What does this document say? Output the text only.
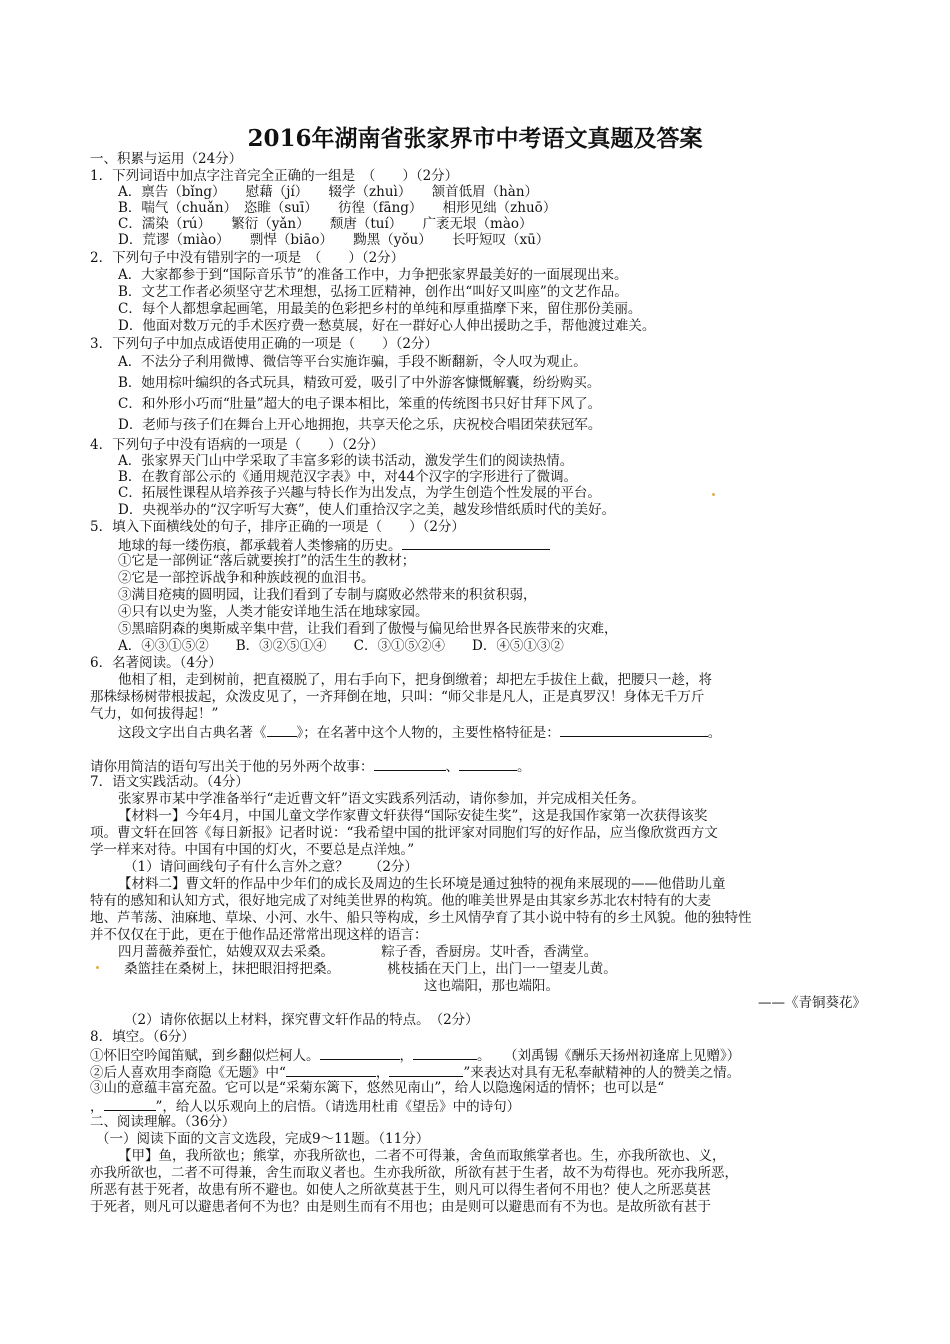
2016年湖南省张家界市中考语文真题及答案
一、积累与运用（24分）
1．下列词语中加点字注音完全正确的一组是　（　　）（2分）
A．禀告（bǐng）　　慰藉（jí）　　辍学（zhuì）　　颔首低眉（hàn）
B．喘气（chuǎn）　恣睢（suī）　　彷徨（fāng）　　相形见绌（zhuō）
C．濡染（rú）　　繁衍（yǎn）　　颓唐（tuí）　　广袤无垠（mào）
D．荒谬（miào）　　剽悍（biāo）　　黝黑（yǒu）　　长吁短叹（xū）
2．下列句子中没有错别字的一项是　（　　）（2分）
A．大家都参于到“国际音乐节”的准备工作中，力争把张家界最美好的一面展现出来。
B．文艺工作者必须坚守艺术理想，弘扬工匠精神，创作出“叫好又叫座”的文艺作品。
C．每个人都想拿起画笔，用最美的色彩把乡村的单纯和厚重描摩下来，留住那份美丽。
D．他面对数万元的手术医疗费一愁莫展，好在一群好心人伸出援助之手，帮他渡过难关。
3．下列句子中加点成语使用正确的一项是（　　）（2分）
A．不法分子利用微博、微信等平台实施诈骗，手段不断翻新，令人叹为观止。
B．她用棕叶编织的各式玩具，精致可爱，吸引了中外游客慷慨解囊，纷纷购买。
C．和外形小巧而“肚量”超大的电子课本相比，笨重的传统图书只好甘拜下风了。
D．老师与孩子们在舞台上开心地拥抱，共享天伦之乐，庆祝校合唱团荣获冠军。
4．下列句子中没有语病的一项是（　　）（2分）
A．张家界天门山中学采取了丰富多彩的读书活动，激发学生们的阅读热情。
B．在教育部公示的《通用规范汉字表》中，对44个汉字的字形进行了微调。
C．拓展性课程从培养孩子兴趣与特长作为出发点，为学生创造个性发展的平台。
D．央视举办的“汉字听写大赛”，使人们重拾汉字之美，越发珍惜纸质时代的美好。
5．填入下面横线处的句子，排序正确的一项是（　　）（2分）
地球的每一缕伤痕，都承载着人类惨痛的历史。
①它是一部例证“落后就要挨打”的活生生的教材；
②它是一部控诉战争和种族歧视的血泪书。
③满目疮痍的圆明园，让我们看到了专制与腐败必然带来的积贫积弱，
④只有以史为鉴，人类才能安详地生活在地球家园。
⑤黑暗阴森的奥斯威辛集中营，让我们看到了傲慢与偏见给世界各民族带来的灾难，
A．④③①⑤②　　B．③②⑤①④　　C．③①⑤②④　　D．④⑤①③②
6．名著阅读。（4分）
他相了相，走到树前，把直裰脱了，用右手向下，把身倒缴着；却把左手拔住上截，把腰只一趁，将
那株绿杨树带根拔起，众泼皮见了，一齐拜倒在地，只叫：“师父非是凡人，正是真罗汉！身体无千万斤
气力，如何拔得起！”
这段文字出自古典名著《 》；在名著中这个人物的，主要性格特征是：	。
请你用简洁的语句写出关于他的另外两个故事：	、	。
7．语文实践活动。（4分）
张家界市某中学准备举行“走近曹文轩”语文实践系列活动，请你参加，并完成相关任务。
【材料一】今年4月，中国儿童文学作家曹文轩获得“国际安徒生奖”，这是我国作家第一次获得该奖
项。曹文轩在回答《每日新报》记者时说：“我希望中国的批评家对同胞们写的好作品，应当像欣赏西方文
学一样来对待。中国有中国的灯火，不要总是点洋烛。”
（1）请问画线句子有什么言外之意？　　（2分）
【材料二】曹文轩的作品中少年们的成长及周边的生长环境是通过独特的视角来展现的——他借助儿童
特有的感知和认知方式，很好地完成了对纯美世界的构筑。他的唯美世界是由其家乡苏北农村特有的大麦
地、芦苇荡、油麻地、草垛、小河、水牛、船只等构成，乡土风情孕育了其小说中特有的乡土风貌。他的独特性
并不仅仅在于此，更在于他作品还常常出现这样的语言：
四月蔷薇养蚕忙，姑嫂双双去采桑。　　　　粽子香，香厨房。艾叶香，香满堂。
桑篮挂在桑树上，抹把眼泪捋把桑。　　　　桃枝插在天门上，出门一一望麦儿黄。
这也端阳，那也端阳。
——《青铜葵花》
（2）请你依据以上材料，探究曹文轩作品的特点。　（2分）
8．填空。（6分）
①怀旧空吟闻笛赋，到乡翻似烂柯人。	，	。　　（刘禹锡《酬乐天扬州初逢席上见赠》）
②后人喜欢用李商隐《无题》中“	，	”来表达对具有无私奉献精神的人的赞美之情。
③山的意蕴丰富充盈。它可以是“采菊东篱下，悠然见南山”，给人以隐逸闲适的情怀；也可以是“
，	”，给人以乐观向上的启悟。（请选用杜甫《望岳》中的诗句）
二、阅读理解。（36分）
（一）阅读下面的文言文选段，完成9～11题。（11分）
【甲】鱼，我所欲也；熊掌，亦我所欲也，二者不可得兼，舍鱼而取熊掌者也。生，亦我所欲也、义，
亦我所欲也，二者不可得兼，舍生而取义者也。生亦我所欲，所欲有甚于生者，故不为苟得也。死亦我所恶，
所恶有甚于死者，故患有所不避也。如使人之所欲莫甚于生，则凡可以得生者何不用也？使人之所恶莫甚
于死者，则凡可以避患者何不为也？由是则生而有不用也；由是则可以避患而有不为也。是故所欲有甚于
